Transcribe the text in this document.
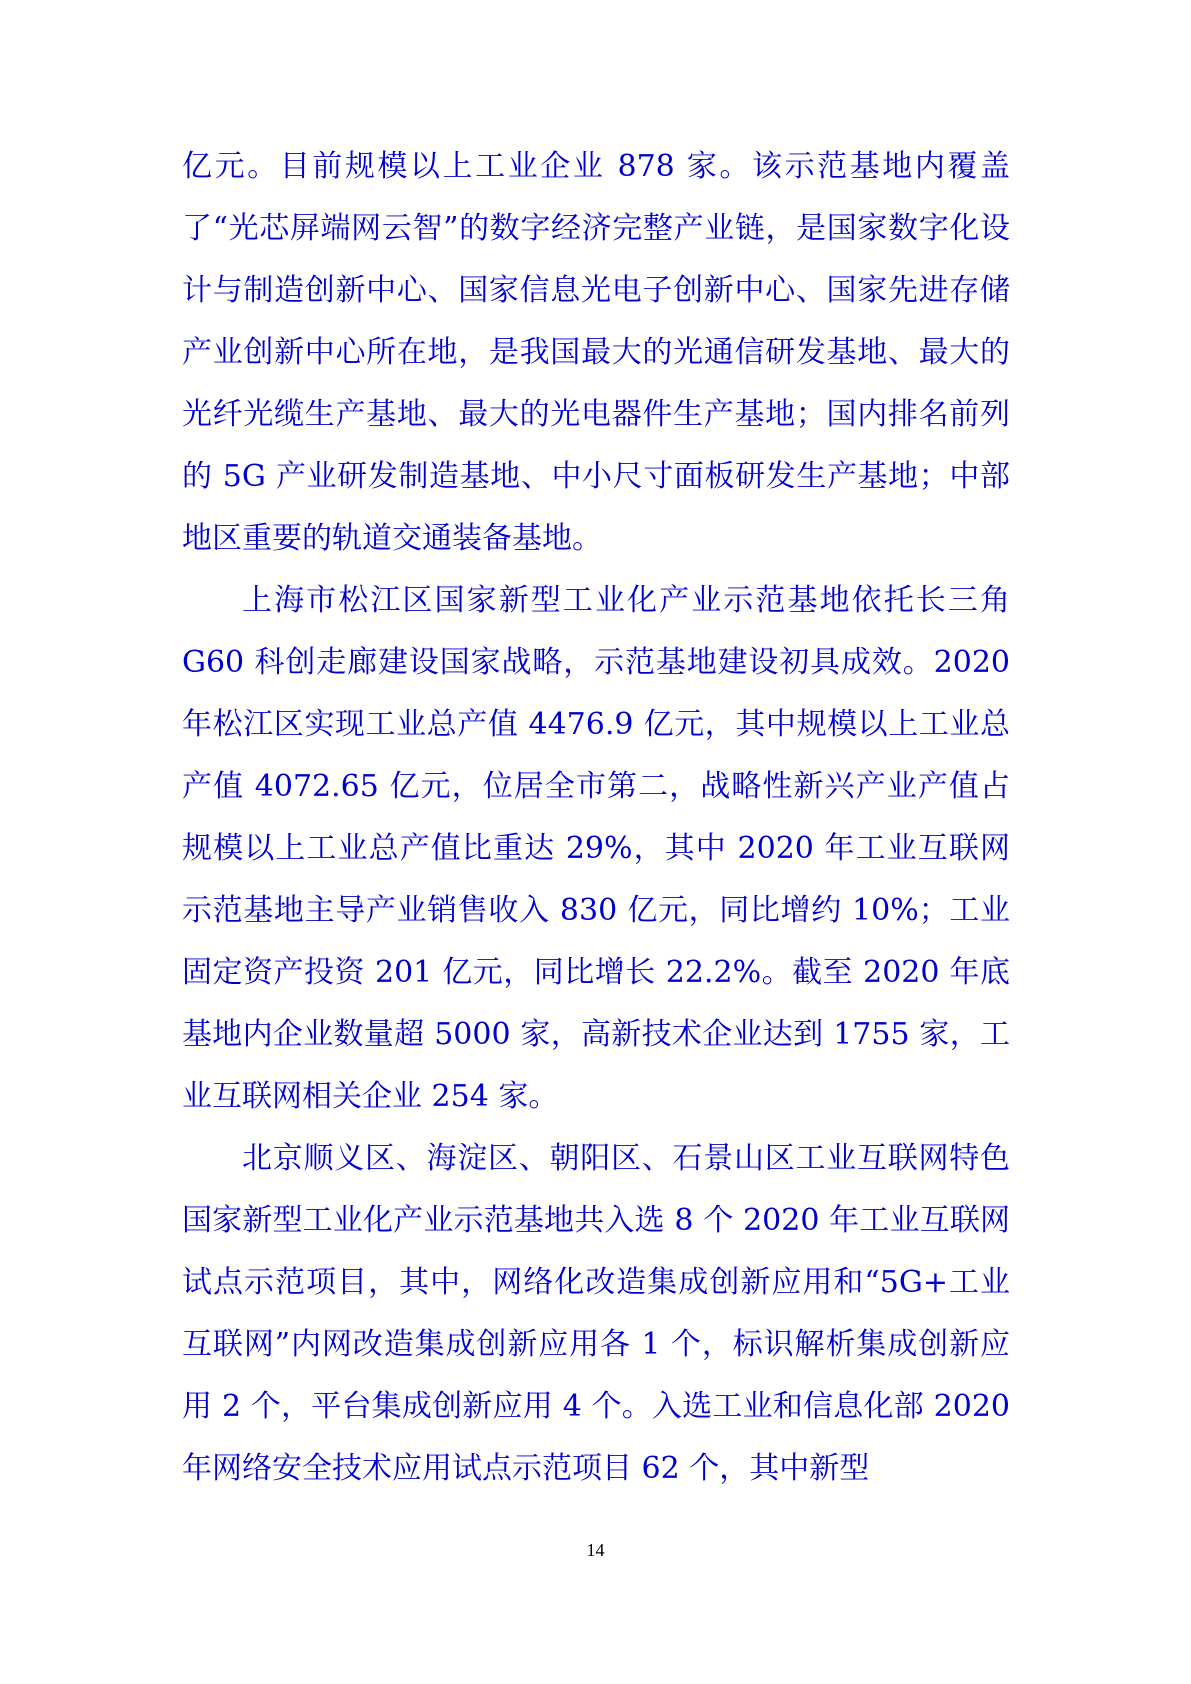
亿元。目前规模以上工业企业 878 家。该示范基地内覆盖了“光芯屏端网云智”的数字经济完整产业链，是国家数字化设计与制造创新中心、国家信息光电子创新中心、国家先进存储产业创新中心所在地，是我国最大的光通信研发基地、最大的光纤光缆生产基地、最大的光电器件生产基地；国内排名前列的 5G 产业研发制造基地、中小尺寸面板研发生产基地；中部地区重要的轨道交通装备基地。

上海市松江区国家新型工业化产业示范基地依托长三角 G60 科创走廊建设国家战略，示范基地建设初具成效。2020 年松江区实现工业总产值 4476.9 亿元，其中规模以上工业总产值 4072.65 亿元，位居全市第二，战略性新兴产业产值占规模以上工业总产值比重达 29%，其中 2020 年工业互联网示范基地主导产业销售收入 830 亿元，同比增约 10%；工业固定资产投资 201 亿元，同比增长 22.2%。截至 2020 年底基地内企业数量超 5000 家，高新技术企业达到 1755 家，工业互联网相关企业 254 家。

北京顺义区、海淀区、朝阳区、石景山区工业互联网特色国家新型工业化产业示范基地共入选 8 个 2020 年工业互联网试点示范项目，其中，网络化改造集成创新应用和“5G+工业互联网”内网改造集成创新应用各 1 个，标识解析集成创新应用 2 个，平台集成创新应用 4 个。入选工业和信息化部 2020 年网络安全技术应用试点示范项目 62 个，其中新型

14
